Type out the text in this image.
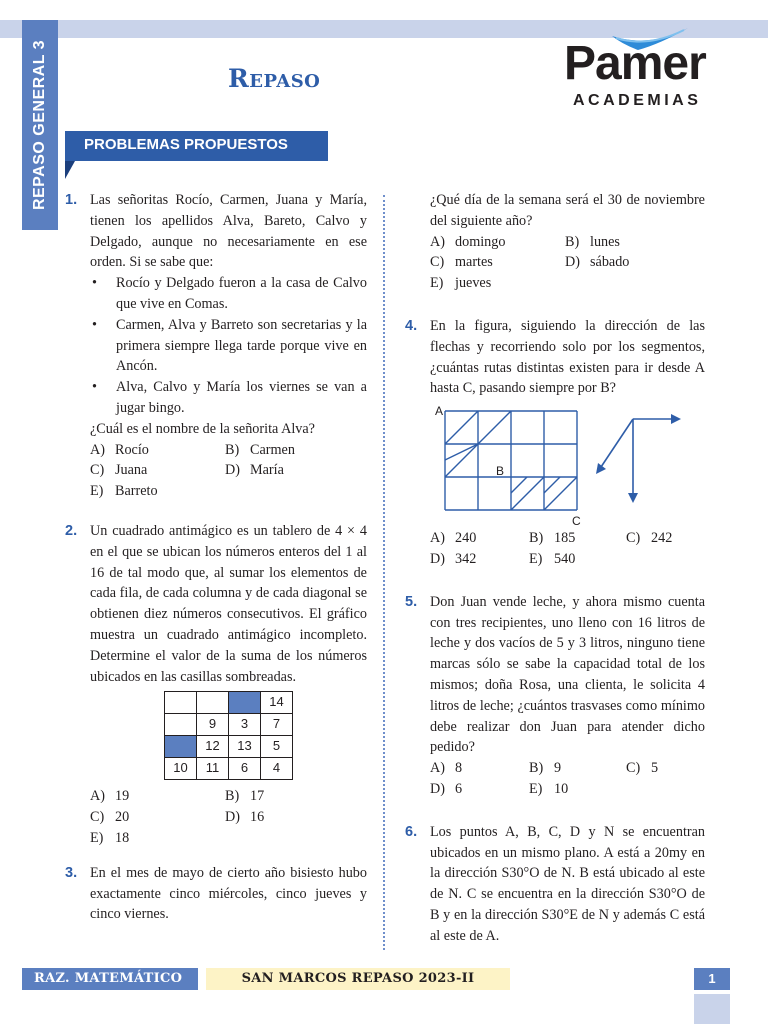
REPASO GENERAL 3	Repaso	Pamer
ACADEMIAS
PROBLEMAS PROPUESTOS
1. Las señoritas Rocío, Carmen, Juana y María, tienen los apellidos Alva, Bareto, Calvo y Delgado, aunque no necesariamente en ese orden. Si se sabe que:

• Rocío y Delgado fueron a la casa de Calvo que vive en Comas.
• Carmen, Alva y Barreto son secretarias y la primera siempre llega tarde porque vive en Ancón.
• Alva, Calvo y María los viernes se van a jugar bingo.

¿Cuál es el nombre de la señorita Alva?

A) Rocío	B) Carmen
C) Juana	D) María
E) Barreto
2. Un cuadrado antimágico es un tablero de 4 × 4 en el que se ubican los números enteros del 1 al 16 de tal modo que, al sumar los elementos de cada fila, de cada columna y de cada diagonal se obtienen diez números consecutivos. El gráfico muestra un cuadrado antimágico incompleto. Determine el valor de la suma de los números ubicados en las casillas sombreadas.

			14
	9	3	7
	12	13	5
10	11	6	4
A) 19	B) 17
C) 20	D) 16
E) 18
3. En el mes de mayo de cierto año bisiesto hubo exactamente cinco miércoles, cinco jueves y cinco viernes.

¿Qué día de la semana será el 30 de noviembre del siguiente año?

A) domingo	B) lunes
C) martes	D) sábado
E) jueves
4. En la figura, siguiendo la dirección de las flechas y recorriendo solo por los segmentos, ¿cuántas rutas distintas existen para ir desde A hasta C, pasando siempre por B?

A
B
C
A) 240	B) 185	C) 242
D) 342	E) 540
5. Don Juan vende leche, y ahora mismo cuenta con tres recipientes, uno lleno con 16 litros de leche y dos vacíos de 5 y 3 litros, ninguno tiene marcas sólo se sabe la capacidad total de los mismos; doña Rosa, una clienta, le solicita 4 litros de leche; ¿cuántos trasvases como mínimo debe realizar don Juan para atender dicho pedido?

A) 8	B) 9	C) 5
D) 6	E) 10
6. Los puntos A, B, C, D y N se encuentran ubicados en un mismo plano. A está a 20my en la dirección S30°O de N. B está ubicado al este de N. C se encuentra en la dirección S30°O de B y en la dirección S30°E de N y además C está al este de A.

RAZ. MATEMÁTICO	SAN MARCOS REPASO 2023-II	1
